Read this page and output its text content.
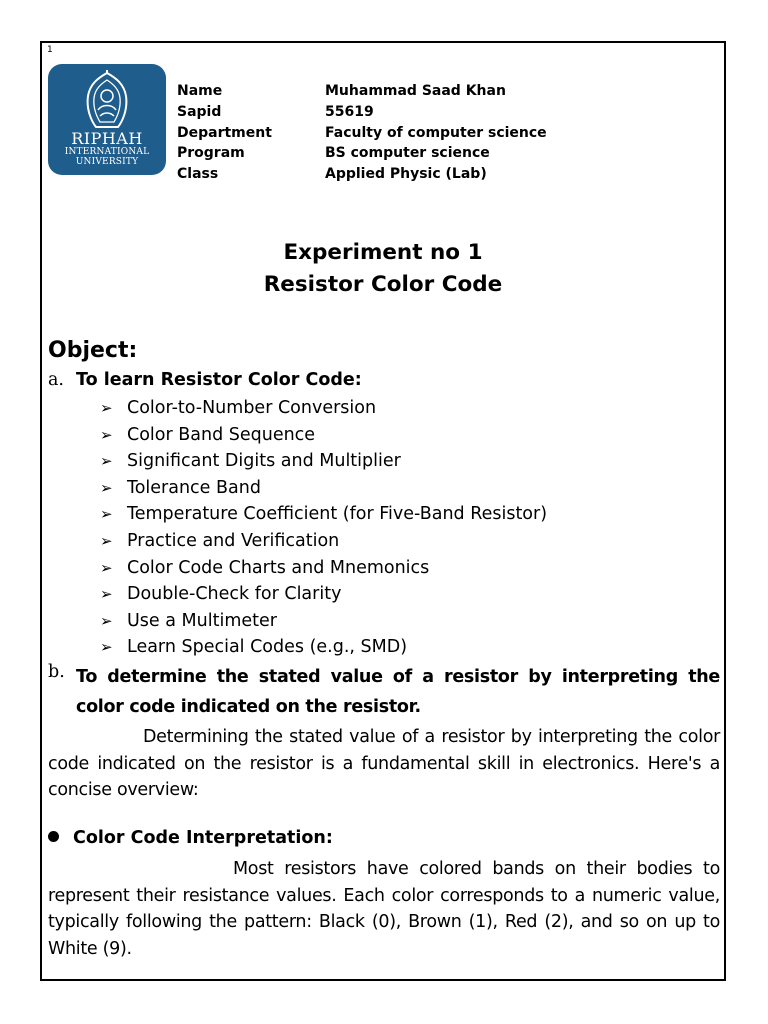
1
RIPHAH
INTERNATIONAL
UNIVERSITY
Name	Muhammad Saad Khan
Sapid	55619
Department	Faculty of computer science
Program	BS computer science
Class	Applied Physic (Lab)
Experiment no 1
Resistor Color Code
Object:
a. To learn Resistor Color Code:
➢ Color-to-Number Conversion
➢ Color Band Sequence
➢ Significant Digits and Multiplier
➢ Tolerance Band
➢ Temperature Coefficient (for Five-Band Resistor)
➢ Practice and Verification
➢ Color Code Charts and Mnemonics
➢ Double-Check for Clarity
➢ Use a Multimeter
➢ Learn Special Codes (e.g., SMD)
b. To determine the stated value of a resistor by interpreting the color code indicated on the resistor.
Determining the stated value of a resistor by interpreting the color code indicated on the resistor is a fundamental skill in electronics. Here's a concise overview:
Color Code Interpretation:
Most resistors have colored bands on their bodies to represent their resistance values. Each color corresponds to a numeric value, typically following the pattern: Black (0), Brown (1), Red (2), and so on up to White (9).
